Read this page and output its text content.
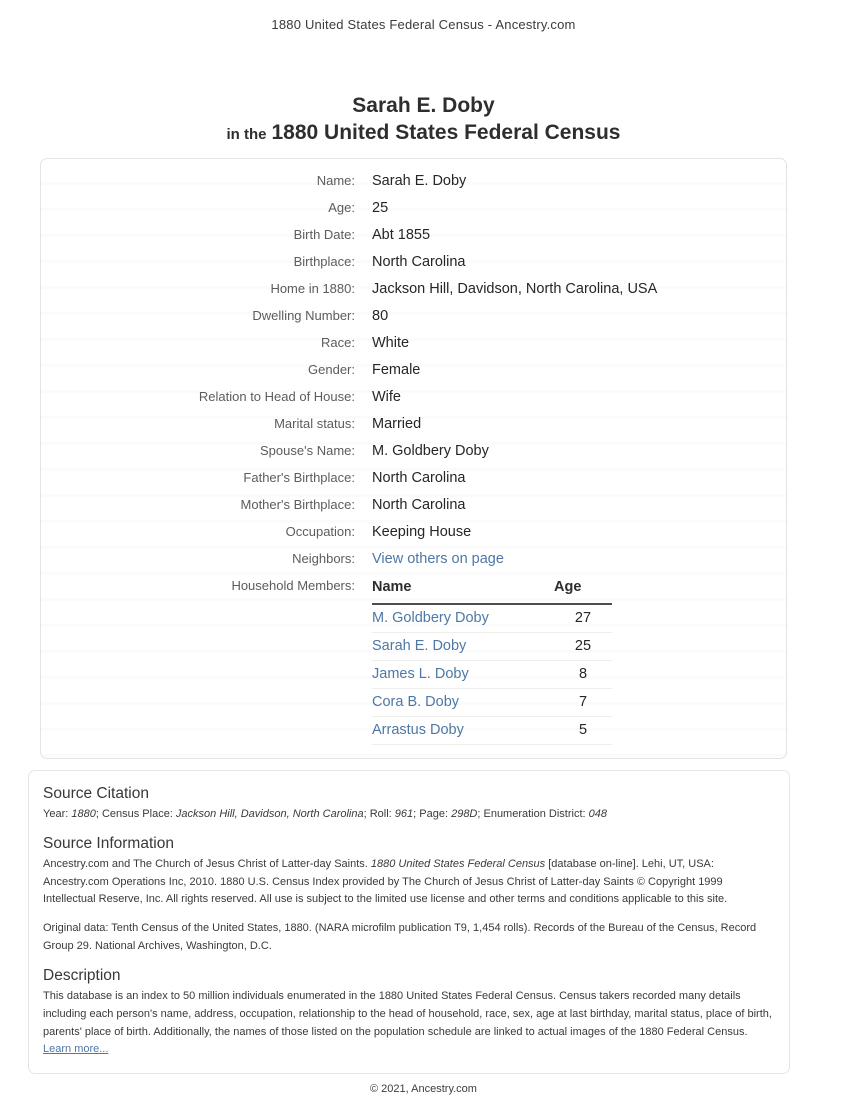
1880 United States Federal Census - Ancestry.com
Sarah E. Doby
in the 1880 United States Federal Census
Name:	Sarah E. Doby
Age:	25
Birth Date:	Abt 1855
Birthplace:	North Carolina
Home in 1880:	Jackson Hill, Davidson, North Carolina, USA
Dwelling Number:	80
Race:	White
Gender:	Female
Relation to Head of House:	Wife
Marital status:	Married
Spouse's Name:	M. Goldbery Doby
Father's Birthplace:	North Carolina
Mother's Birthplace:	North Carolina
Occupation:	Keeping House
Neighbors:	View others on page
Household Members:	Name	Age
M. Goldbery Doby	27
Sarah E. Doby	25
James L. Doby	8
Cora B. Doby	7
Arrastus Doby	5
Source Citation

Year: 1880; Census Place: Jackson Hill, Davidson, North Carolina; Roll: 961; Page: 298D; Enumeration District: 048

Source Information

Ancestry.com and The Church of Jesus Christ of Latter-day Saints. 1880 United States Federal Census [database on-line]. Lehi, UT, USA: Ancestry.com Operations Inc, 2010. 1880 U.S. Census Index provided by The Church of Jesus Christ of Latter-day Saints © Copyright 1999 Intellectual Reserve, Inc. All rights reserved. All use is subject to the limited use license and other terms and conditions applicable to this site.

Original data: Tenth Census of the United States, 1880. (NARA microfilm publication T9, 1,454 rolls). Records of the Bureau of the Census, Record Group 29. National Archives, Washington, D.C.

Description

This database is an index to 50 million individuals enumerated in the 1880 United States Federal Census. Census takers recorded many details including each person's name, address, occupation, relationship to the head of household, race, sex, age at last birthday, marital status, place of birth, parents' place of birth. Additionally, the names of those listed on the population schedule are linked to actual images of the 1880 Federal Census. Learn more...

© 2021, Ancestry.com
